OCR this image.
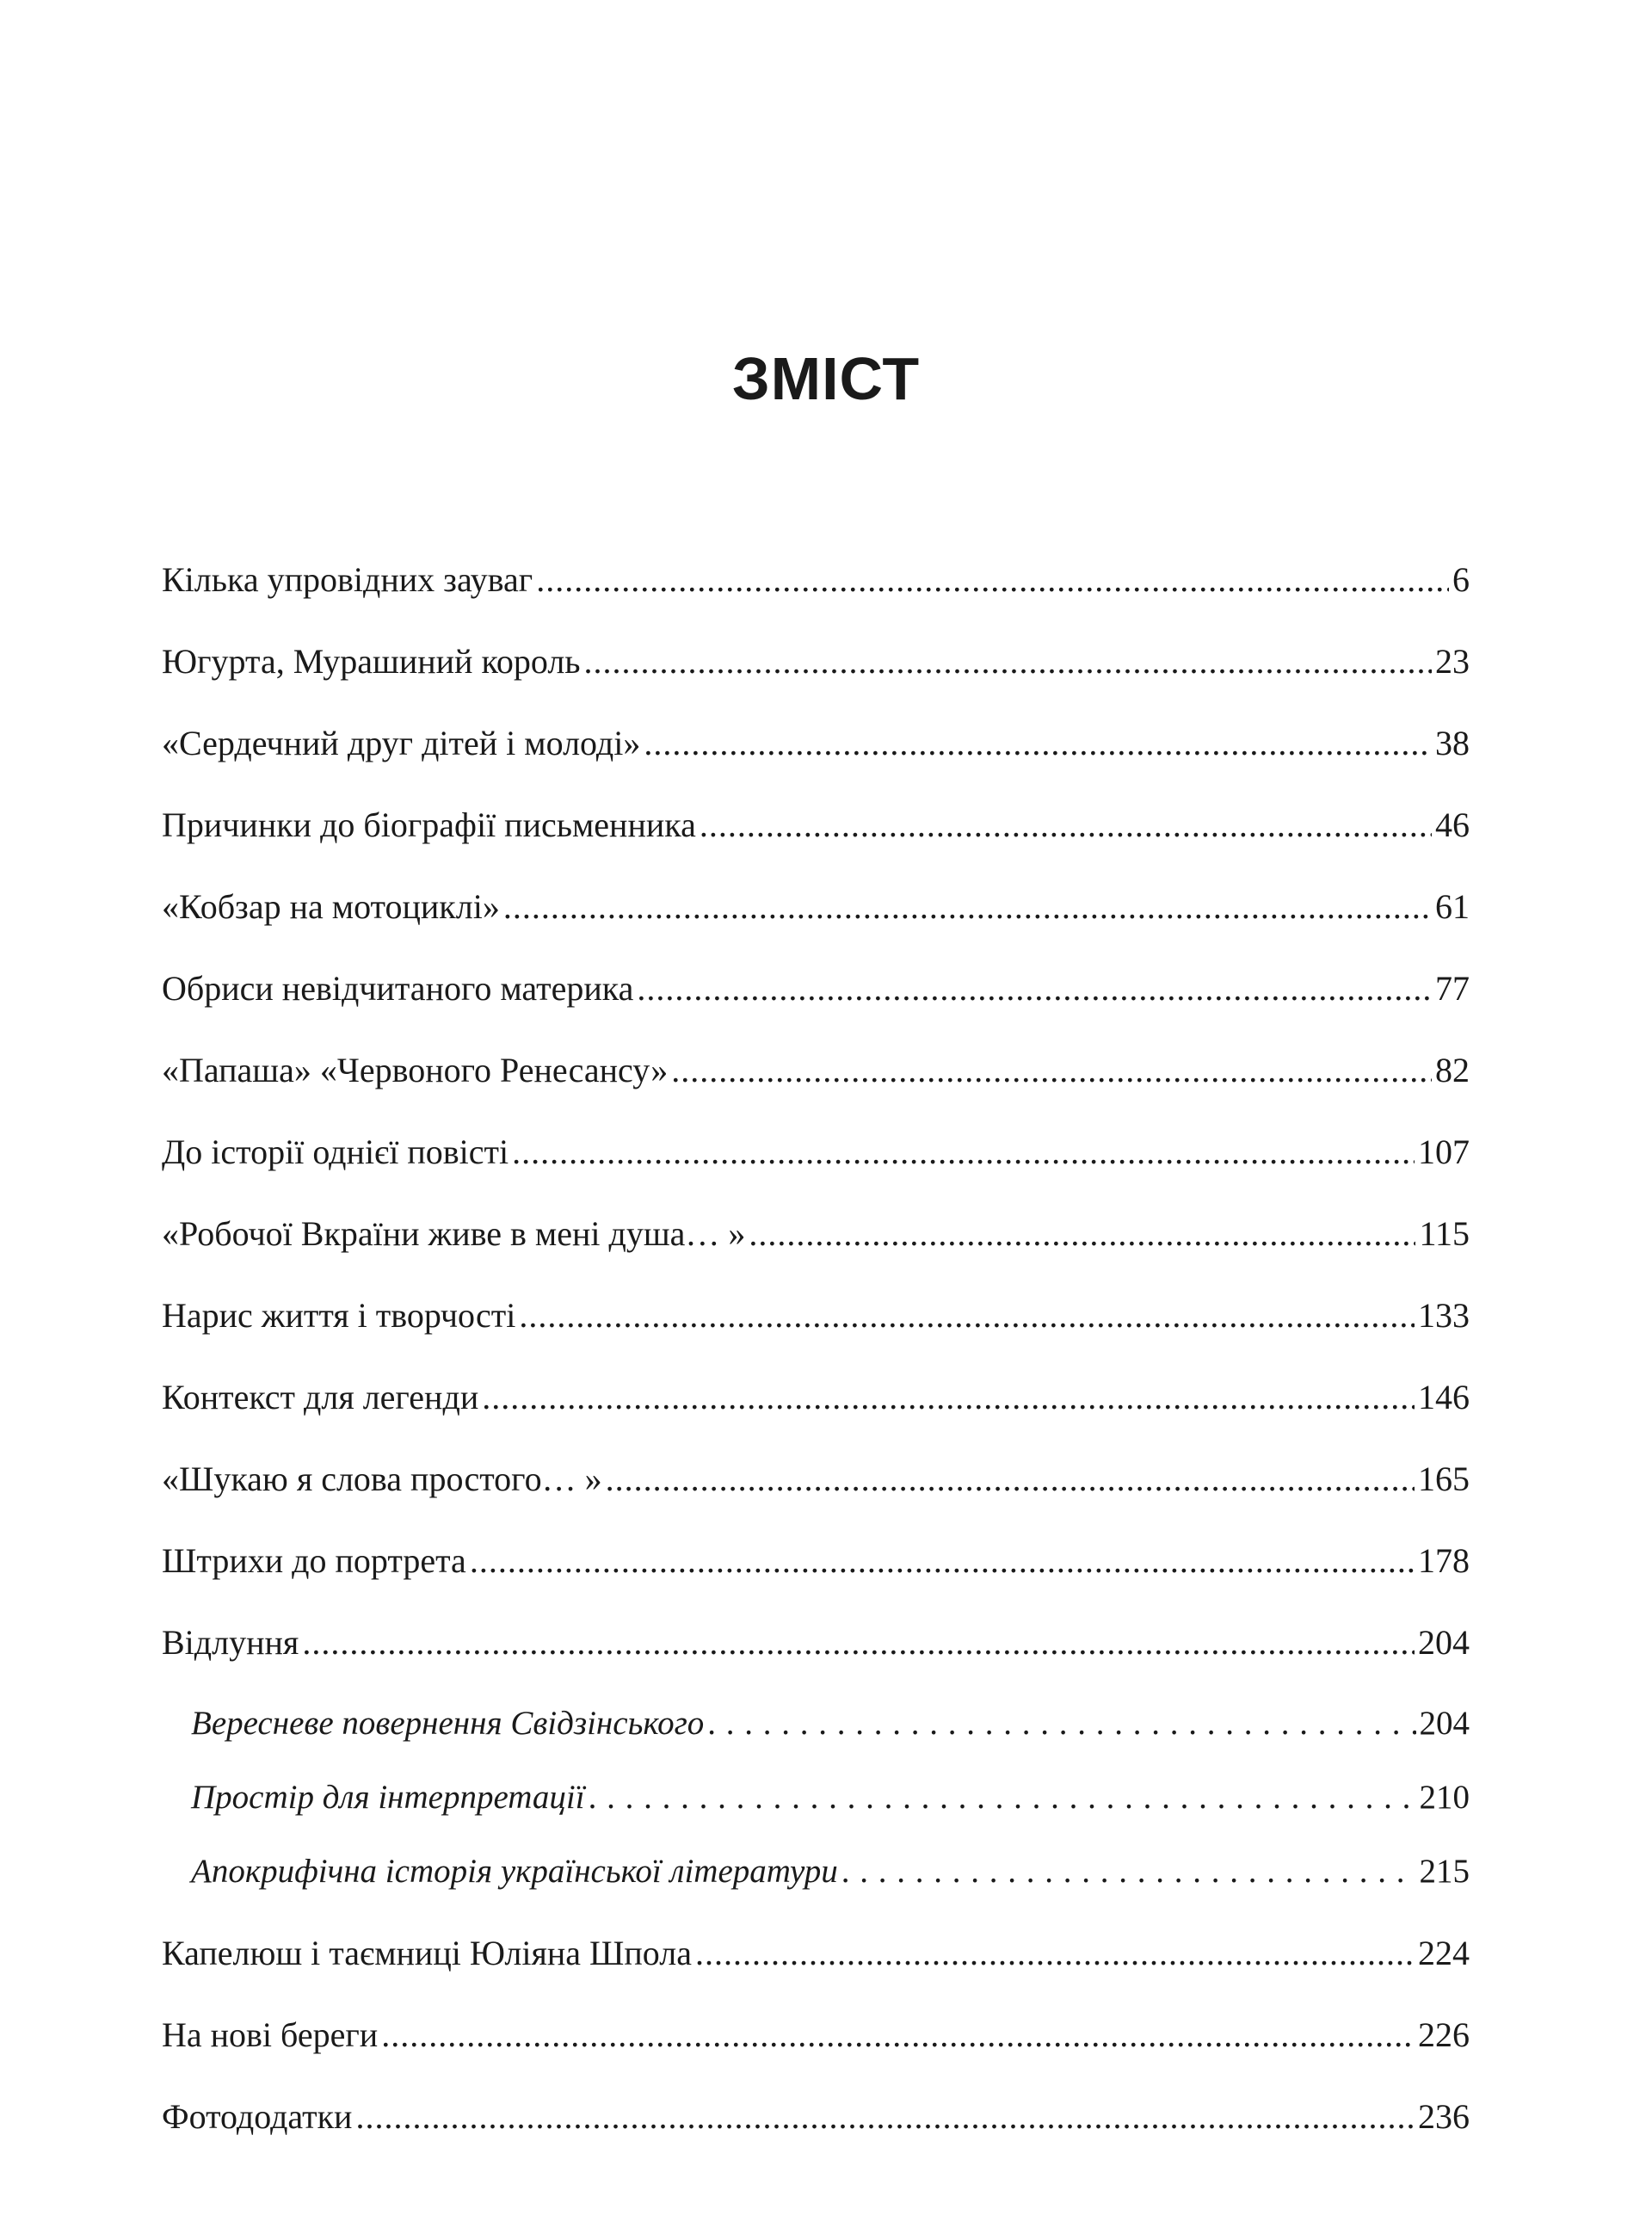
ЗМІСТ
Кілька упровідних зауваг .....	6
Югурта, Мурашиний король .....	23
«Сердечний друг дітей і молоді» .....	38
Причинки до біографії письменника .....	46
«Кобзар на мотоциклі» .....	61
Обриси невідчитаного материка .....	77
«Папаша» «Червоного Ренесансу» .....	82
До історії однієї повісті .....	107
«Робочої Вкраїни живе в мені душа… » .....	115
Нарис життя і творчості .....	133
Контекст для легенди .....	146
«Шукаю я слова простого… » .....	165
Штрихи до портрета .....	178
Відлуння .....	204
Вересневе повернення Свідзінського . . .	204
Простір для інтерпретації . . .	210
Апокрифічна історія української літератури . . .	215
Капелюш і таємниці Юліяна Шпола .....	224
На нові береги .....	226
Фотододатки .....	236
